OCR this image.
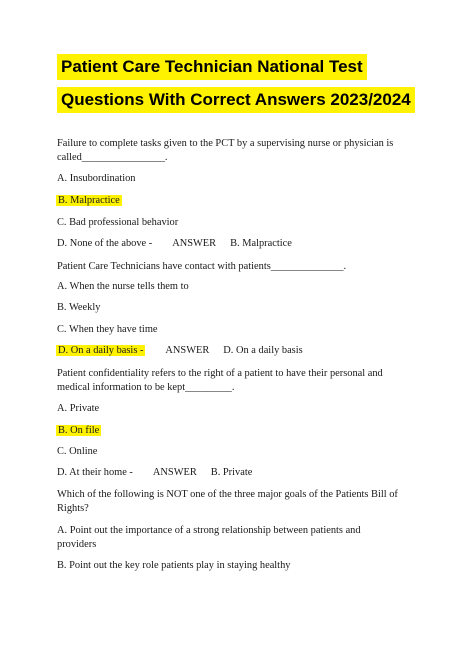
Patient Care Technician National Test
Questions With Correct Answers 2023/2024
Failure to complete tasks given to the PCT by a supervising nurse or physician is
called________________.
A. Insubordination
B. Malpractice
C. Bad professional behavior
D. None of the above - ANSWER B. Malpractice
Patient Care Technicians have contact with patients______________.
A. When the nurse tells them to
B. Weekly
C. When they have time
D. On a daily basis - ANSWER D. On a daily basis
Patient confidentiality refers to the right of a patient to have their personal and
medical information to be kept_________.
A. Private
B. On file
C. Online
D. At their home - ANSWER B. Private
Which of the following is NOT one of the three major goals of the Patients Bill of
Rights?
A. Point out the importance of a strong relationship between patients and
providers
B. Point out the key role patients play in staying healthy
